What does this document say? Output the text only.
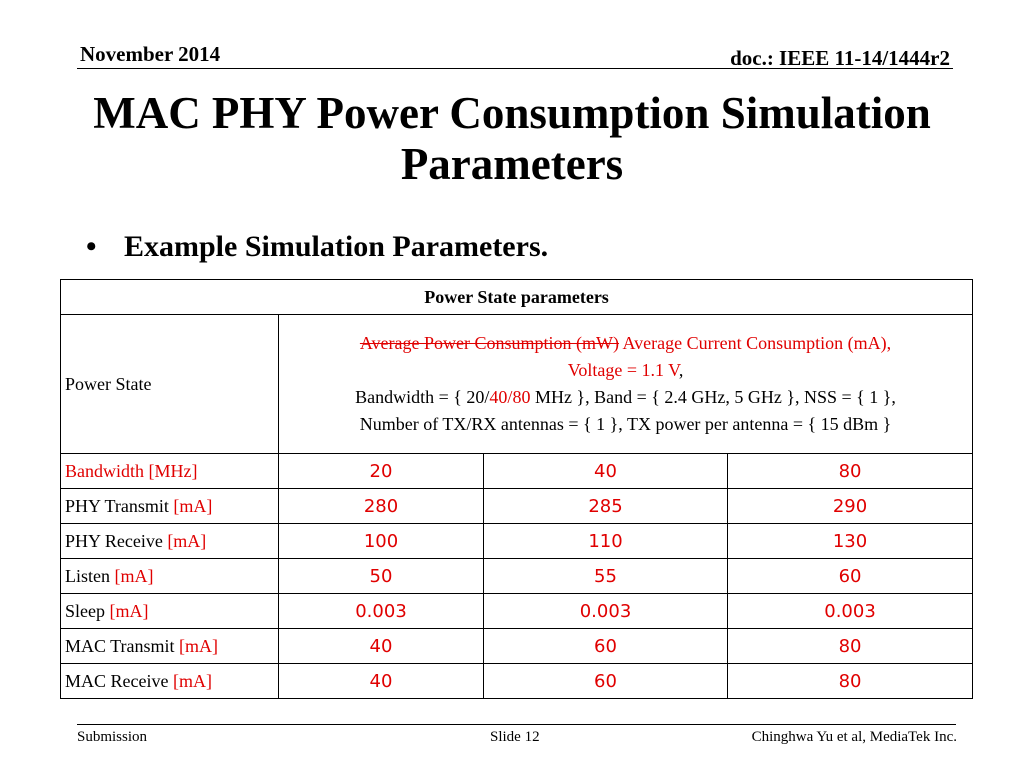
November 2014	doc.: IEEE 11-14/1444r2
MAC PHY Power Consumption Simulation Parameters
• Example Simulation Parameters.
Power State parameters			
Power State	Average Power Consumption (mW) Average Current Consumption (mA),
Voltage = 1.1 V,
Bandwidth = { 20/40/80 MHz }, Band = { 2.4 GHz, 5 GHz }, NSS = { 1 },
Number of TX/RX antennas = { 1 }, TX power per antenna = { 15 dBm }		
Bandwidth [MHz]	20	40	80
PHY Transmit [mA]	280	285	290
PHY Receive [mA]	100	110	130
Listen [mA]	50	55	60
Sleep [mA]	0.003	0.003	0.003
MAC Transmit [mA]	40	60	80
MAC Receive [mA]	40	60	80
Submission	Slide 12	Chinghwa Yu et al, MediaTek Inc.
